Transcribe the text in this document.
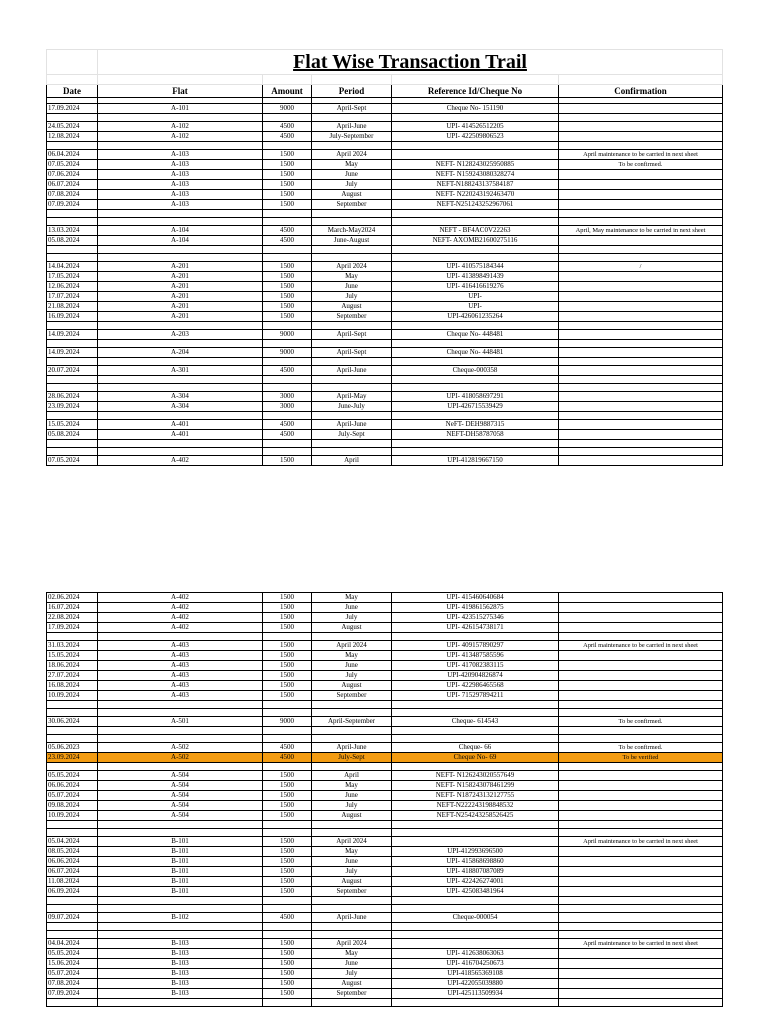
	Flat Wise Transaction Trail				

Date	Flat	Amount	Period	Reference Id/Cheque No	Confirmation

17.09.2024	A-101	9000	April-Sept	Cheque No- 151190	

24.05.2024	A-102	4500	April-June	UPI- 414526512205	
12.08.2024	A-102	4500	July-September	UPI- 422509806523	

06.04.2024	A-103	1500	April 2024		April maintenance to be carried in next sheet
07.05.2024	A-103	1500	May	NEFT- N128243025950885	To be confirmed.
07.06.2024	A-103	1500	June	NEFT- N159243080328274	
06.07.2024	A-103	1500	July	NEFT-N188243137584187	
07.08.2024	A-103	1500	August	NEFT- N220243192463470	
07.09.2024	A-103	1500	September	NEFT-N251243252967061	

13.03.2024	A-104	4500	March-May2024	NEFT - BF4AC0V22263	April, May maintenance to be carried in next sheet
05.08.2024	A-104	4500	June-August	NEFT- AXOMB21600275116	

14.04.2024	A-201	1500	April 2024	UPI- 410575184344	/
17.05.2024	A-201	1500	May	UPI- 413898491439	
12.06.2024	A-201	1500	June	UPI- 416416619276	
17.07.2024	A-201	1500	July	UPI-	
21.08.2024	A-201	1500	August	UPI-	
16.09.2024	A-201	1500	September	UPI-426061235264	

14.09.2024	A-203	9000	April-Sept	Cheque No- 448481	

14.09.2024	A-204	9000	April-Sept	Cheque No- 448481	

20.07.2024	A-301	4500	April-June	Cheque-000358	

28.06.2024	A-304	3000	April-May	UPI- 418058697291	
23.09.2024	A-304	3000	June-July	UPI-426715539429	

15.05.2024	A-401	4500	April-June	NeFT- DEH9887315	
05.08.2024	A-401	4500	July-Sept	NEFT-DH58787058	

07.05.2024	A-402	1500	April	UPI-412819667150	
02.06.2024	A-402	1500	May	UPI- 415460640684	
16.07.2024	A-402	1500	June	UPI- 419861562875	
22.08.2024	A-402	1500	July	UPI- 423515275346	
17.09.2024	A-402	1500	August	UPI- 426154738171	

31.03.2024	A-403	1500	April 2024	UPI- 409157890297	April maintenance to be carried in next sheet
15.05.2024	A-403	1500	May	UPI- 413487585596	
18.06.2024	A-403	1500	June	UPI- 417082383115	
27.07.2024	A-403	1500	July	UPI-420904826874	
16.08.2024	A-403	1500	August	UPI- 422986465568	
10.09.2024	A-403	1500	September	UPI- 715297894211	

30.06.2024	A-501	9000	April-September	Cheque- 614543	To be confirmed.

05.06.2023	A-502	4500	April-June	Cheque- 66	To be confirmed.
23.09.2024	A-502	4500	July-Sept	Cheque No- 69	To be verified

05.05.2024	A-504	1500	April	NEFT- N126243020557649	
06.06.2024	A-504	1500	May	NEFT- N158243078461299	
05.07.2024	A-504	1500	June	NEFT- N187243132127755	
09.08.2024	A-504	1500	July	NEFT-N222243198848532	
10.09.2024	A-504	1500	August	NEFT-N254243258526425	

05.04.2024	B-101	1500	April 2024		April maintenance to be carried in next sheet
08.05.2024	B-101	1500	May	UPI-412993696500	
06.06.2024	B-101	1500	June	UPI- 415868698860	
06.07.2024	B-101	1500	July	UPI- 418807087089	
11.08.2024	B-101	1500	August	UPI- 422426274001	
06.09.2024	B-101	1500	September	UPI- 425083481964	

09.07.2024	B-102	4500	April-June	Cheque-000054	

04.04.2024	B-103	1500	April 2024		April maintenance to be carried in next sheet
05.05.2024	B-103	1500	May	UPI- 412638063063	
15.06.2024	B-103	1500	June	UPI- 416704250673	
05.07.2024	B-103	1500	July	UPI-418565369108	
07.08.2024	B-103	1500	August	UPI-422055039880	
07.09.2024	B-103	1500	September	UPI-425113509934	
